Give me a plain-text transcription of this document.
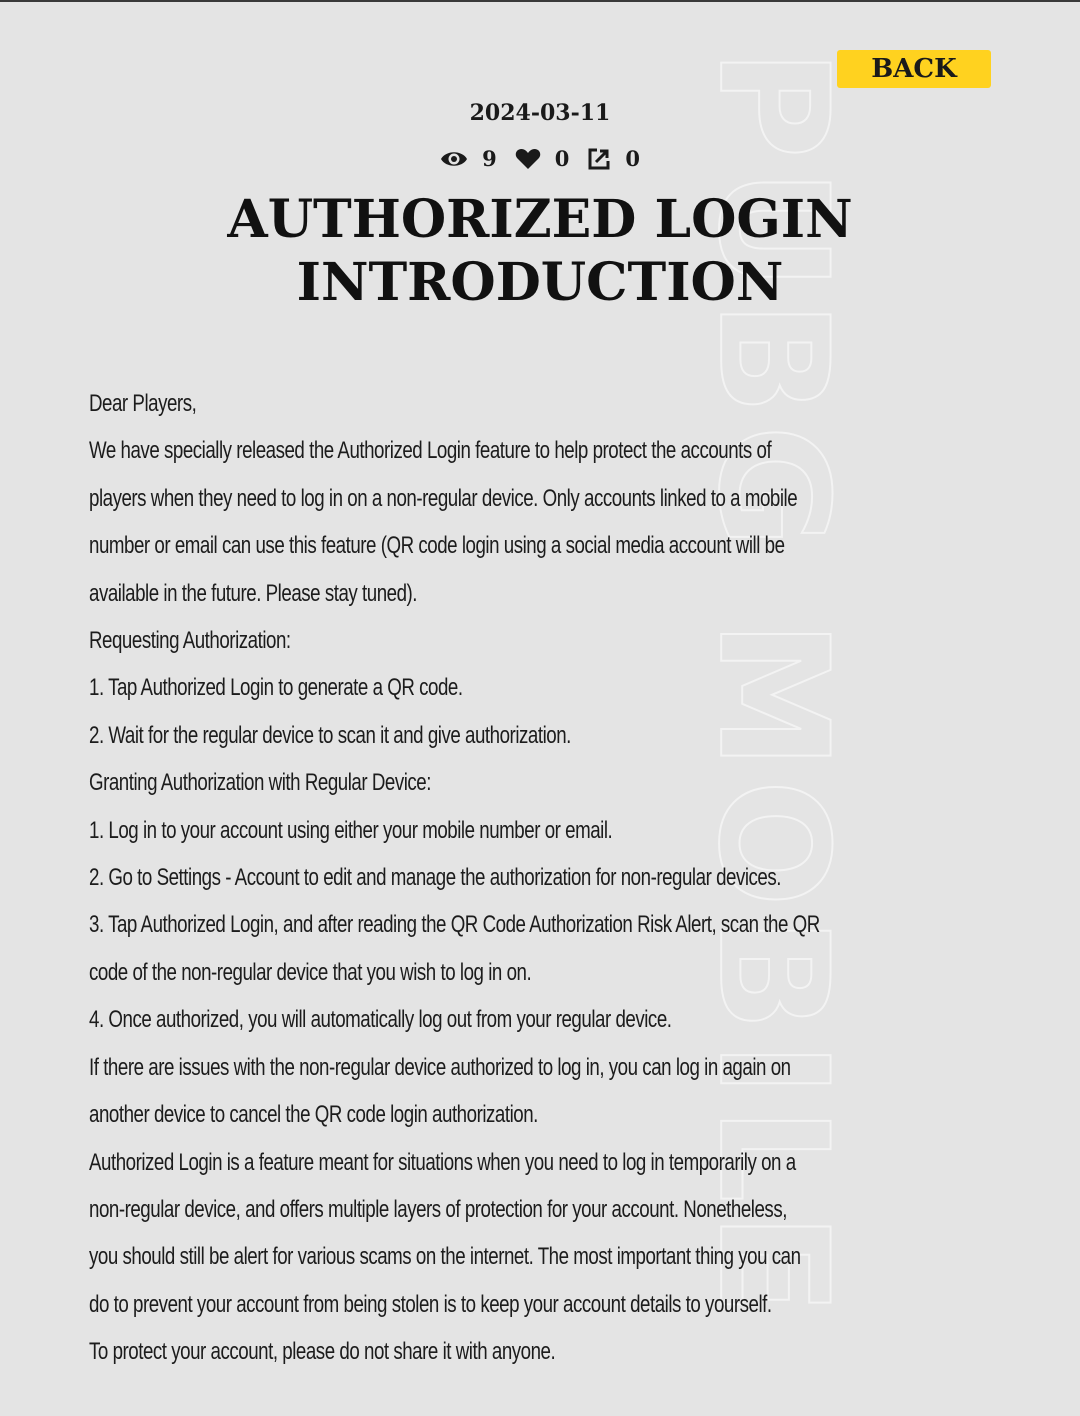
PUBG MOBILE BACK
2024-03-11
9	0	0
AUTHORIZED LOGIN
INTRODUCTION

Dear Players,

We have specially released the Authorized Login feature to help protect the accounts of

players when they need to log in on a non-regular device. Only accounts linked to a mobile

number or email can use this feature (QR code login using a social media account will be

available in the future. Please stay tuned).

Requesting Authorization:

1. Tap Authorized Login to generate a QR code.

2. Wait for the regular device to scan it and give authorization.

Granting Authorization with Regular Device:

1. Log in to your account using either your mobile number or email.

2. Go to Settings - Account to edit and manage the authorization for non-regular devices.

3. Tap Authorized Login, and after reading the QR Code Authorization Risk Alert, scan the QR

code of the non-regular device that you wish to log in on.

4. Once authorized, you will automatically log out from your regular device.

If there are issues with the non-regular device authorized to log in, you can log in again on

another device to cancel the QR code login authorization.

Authorized Login is a feature meant for situations when you need to log in temporarily on a

non-regular device, and offers multiple layers of protection for your account. Nonetheless,

you should still be alert for various scams on the internet. The most important thing you can

do to prevent your account from being stolen is to keep your account details to yourself.

To protect your account, please do not share it with anyone.
